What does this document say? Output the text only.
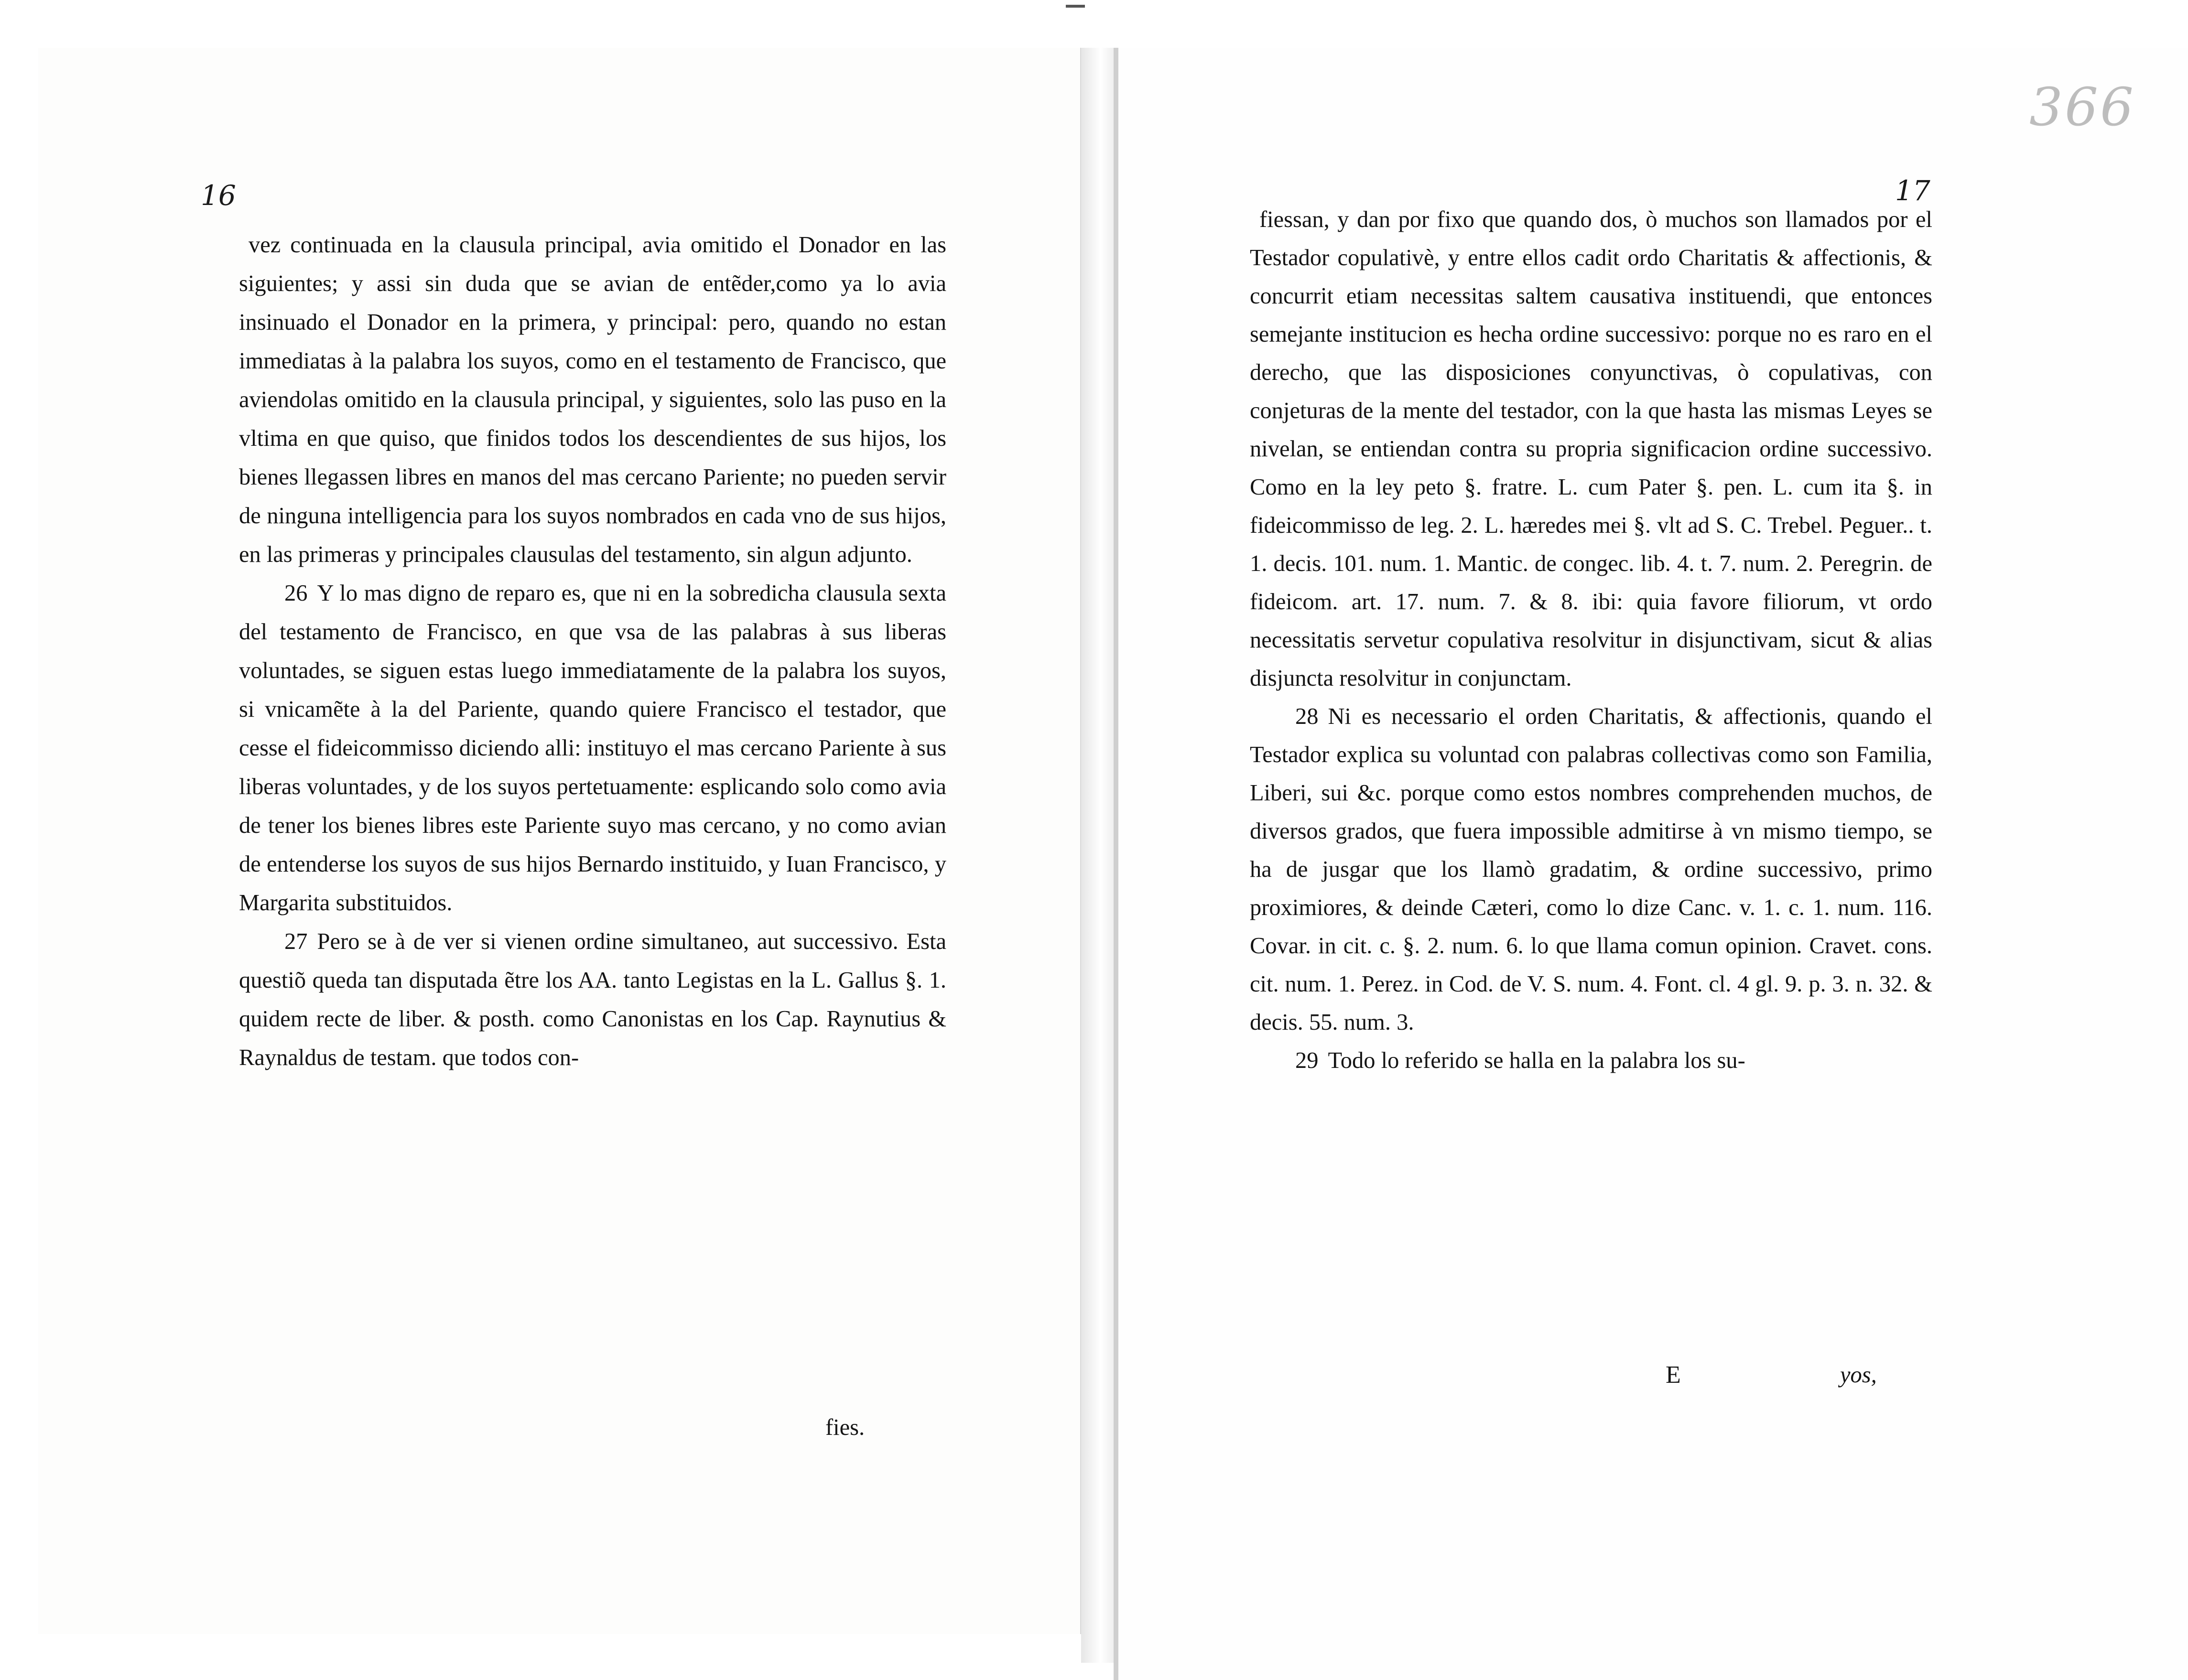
366
16	17

vez continuada en la clausula principal, avia omitido el Donador en las siguientes; y assi sin duda que se avian de entẽder,como ya lo avia insinuado el Donador en la primera, y principal: pero, quando no estan immediatas à la palabra los suyos, como en el testamento de Francisco, que aviendolas omitido en la clausula principal, y siguientes, solo las puso en la vltima en que quiso, que finidos todos los descendientes de sus hijos, los bienes llegassen libres en manos del mas cercano Pariente; no pueden servir de ninguna intelligencia para los suyos nombrados en cada vno de sus hijos, en las primeras y principales clausulas del testamento, sin algun adjunto.

26 Y lo mas digno de reparo es, que ni en la sobredicha clausula sexta del testamento de Francisco, en que vsa de las palabras à sus liberas voluntades, se siguen estas luego immediatamente de la palabra los suyos, si vnicamẽte à la del Pariente, quando quiere Francisco el testador, que cesse el fideicommisso diciendo alli: instituyo el mas cercano Pariente à sus liberas voluntades, y de los suyos pertetuamente: esplicando solo como avia de tener los bienes libres este Pariente suyo mas cercano, y no como avian de entenderse los suyos de sus hijos Bernardo instituido, y Iuan Francisco, y Margarita substituidos.

27 Pero se à de ver si vienen ordine simultaneo, aut successivo. Esta questiõ queda tan disputada ẽtre los AA. tanto Legistas en la L. Gallus §. 1. quidem recte de liber. & posth. como Canonistas en los Cap. Raynutius & Raynaldus de testam. que todos con-

fies.

fiessan, y dan por fixo que quando dos, ò muchos son llamados por el Testador copulativè, y entre ellos cadit ordo Charitatis & affectionis, & concurrit etiam necessitas saltem causativa instituendi, que entonces semejante institucion es hecha ordine successivo: porque no es raro en el derecho, que las disposiciones conyunctivas, ò copulativas, con conjeturas de la mente del testador, con la que hasta las mismas Leyes se nivelan, se entiendan contra su propria significacion ordine successivo. Como en la ley peto §. fratre. L. cum Pater §. pen. L. cum ita §. in fideicommisso de leg. 2. L. hæredes mei §. vlt ad S. C. Trebel. Peguer.. t. 1. decis. 101. num. 1. Mantic. de congec. lib. 4. t. 7. num. 2. Peregrin. de fideicom. art. 17. num. 7. & 8. ibi: quia favore filiorum, vt ordo necessitatis servetur copulativa resolvitur in disjunctivam, sicut & alias disjuncta resolvitur in conjunctam.

28 Ni es necessario el orden Charitatis, & affectionis, quando el Testador explica su voluntad con palabras collectivas como son Familia, Liberi, sui &c. porque como estos nombres comprehenden muchos, de diversos grados, que fuera impossible admitirse à vn mismo tiempo, se ha de jusgar que los llamò gradatim, & ordine successivo, primo proximiores, & deinde Cæteri, como lo dize Canc. v. 1. c. 1. num. 116. Covar. in cit. c. §. 2. num. 6. lo que llama comun opinion. Cravet. cons. cit. num. 1. Perez. in Cod. de V. S. num. 4. Font. cl. 4 gl. 9. p. 3. n. 32. & decis. 55. num. 3.

29 Todo lo referido se halla en la palabra los su-

E	yos,
